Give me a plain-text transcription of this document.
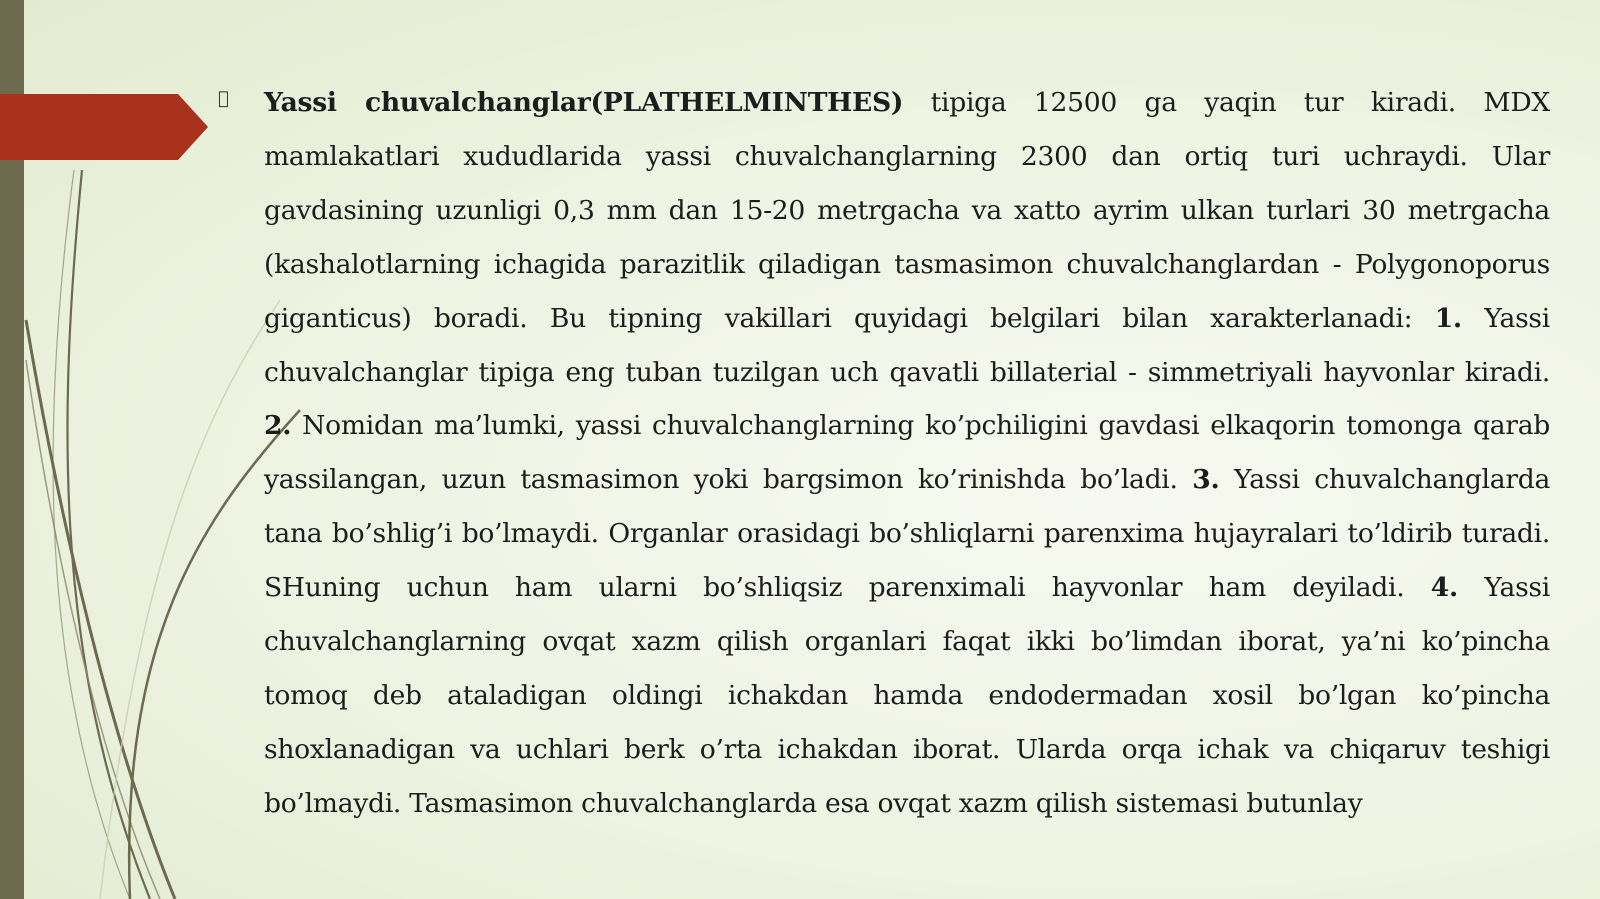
Yassi chuvalchanglar(PLATHELMINTHES) tipiga 12500 ga yaqin tur kiradi. MDX mamlakatlari xududlarida yassi chuvalchanglarning 2300 dan ortiq turi uchraydi. Ular gavdasining uzunligi 0,3 mm dan 15-20 metrgacha va xatto ayrim ulkan turlari 30 metrgacha (kashalotlarning ichagida parazitlik qiladigan tasmasimon chuvalchanglardan - Polygonoporus giganticus) boradi. Bu tipning vakillari quyidagi belgilari bilan xarakterlanadi: 1. Yassi chuvalchanglar tipiga eng tuban tuzilgan uch qavatli billaterial - simmetriyali hayvonlar kiradi. 2. Nomidan ma’lumki, yassi chuvalchanglarning ko’pchiligini gavdasi elkaqorin tomonga qarab yassilangan, uzun tasmasimon yoki bargsimon ko’rinishda bo’ladi. 3. Yassi chuvalchanglarda tana bo’shlig’i bo’lmaydi. Organlar orasidagi bo’shliqlarni parenxima hujayralari to’ldirib turadi. SHuning uchun ham ularni bo’shliqsiz parenximali hayvonlar ham deyiladi. 4. Yassi chuvalchanglarning ovqat xazm qilish organlari faqat ikki bo’limdan iborat, ya’ni ko’pincha tomoq deb ataladigan oldingi ichakdan hamda endodermadan xosil bo’lgan ko’pincha shoxlanadigan va uchlari berk o’rta ichakdan iborat. Ularda orqa ichak va chiqaruv teshigi bo’lmaydi. Tasmasimon chuvalchanglarda esa ovqat xazm qilish sistemasi butunlay
